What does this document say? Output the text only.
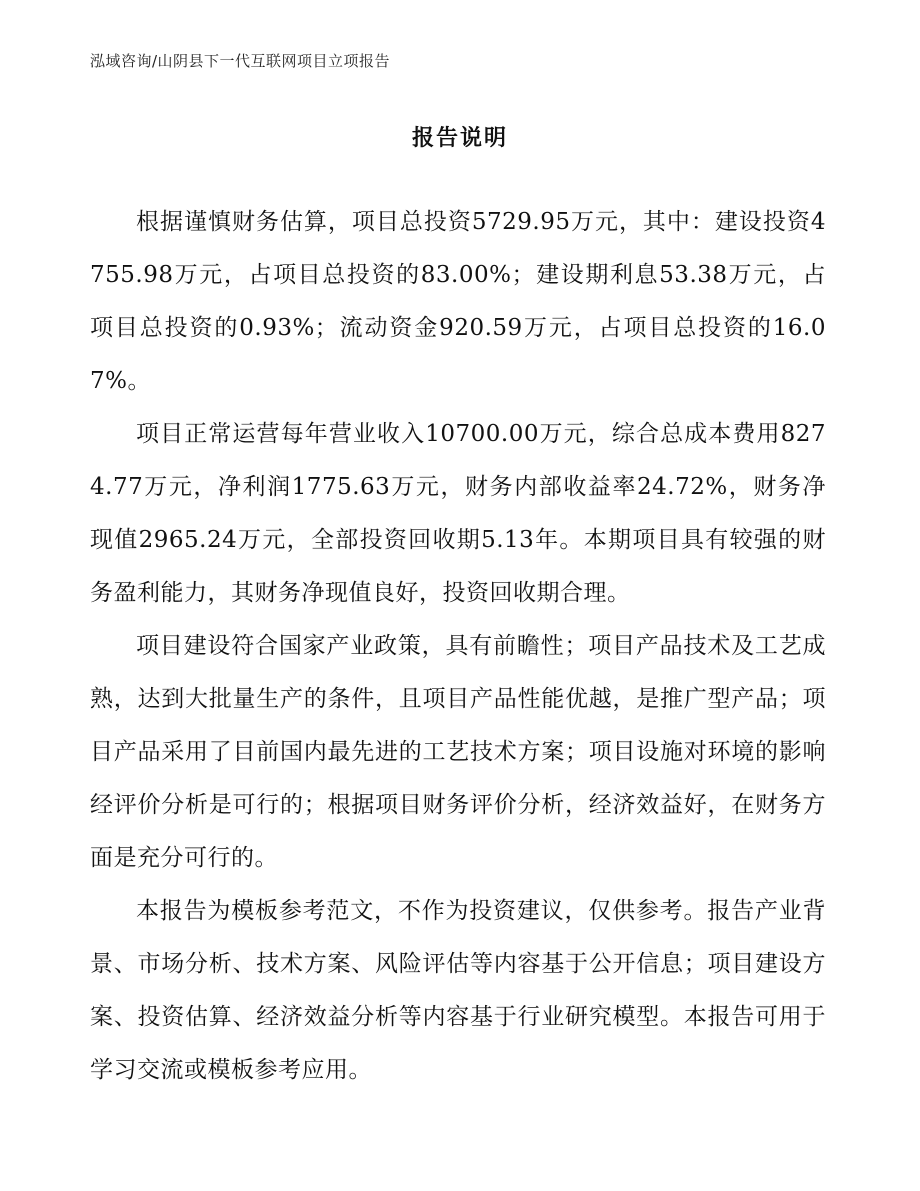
泓域咨询/山阴县下一代互联网项目立项报告
报告说明

根据谨慎财务估算，项目总投资5729.95万元，其中：建设投资4755.98万元，占项目总投资的83.00%；建设期利息53.38万元，占项目总投资的0.93%；流动资金920.59万元，占项目总投资的16.07%。

项目正常运营每年营业收入10700.00万元，综合总成本费用8274.77万元，净利润1775.63万元，财务内部收益率24.72%，财务净现值2965.24万元，全部投资回收期5.13年。本期项目具有较强的财务盈利能力，其财务净现值良好，投资回收期合理。

项目建设符合国家产业政策，具有前瞻性；项目产品技术及工艺成熟，达到大批量生产的条件，且项目产品性能优越，是推广型产品；项目产品采用了目前国内最先进的工艺技术方案；项目设施对环境的影响经评价分析是可行的；根据项目财务评价分析，经济效益好，在财务方面是充分可行的。

本报告为模板参考范文，不作为投资建议，仅供参考。报告产业背景、市场分析、技术方案、风险评估等内容基于公开信息；项目建设方案、投资估算、经济效益分析等内容基于行业研究模型。本报告可用于学习交流或模板参考应用。
